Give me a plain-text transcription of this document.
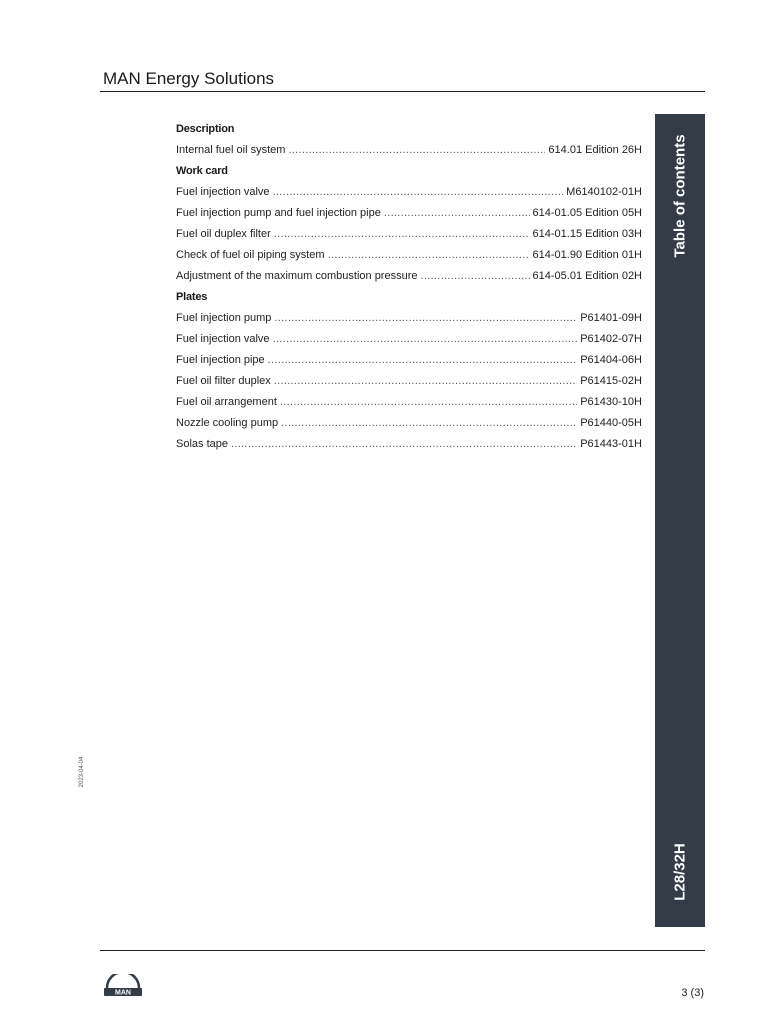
MAN Energy Solutions
Table of contents
L28/32H
Description
Internal fuel oil system .....	614.01 Edition 26H
Work card
Fuel injection valve .....	M6140102-01H
Fuel injection pump and fuel injection pipe .....	614-01.05 Edition 05H
Fuel oil duplex filter .....	614-01.15 Edition 03H
Check of fuel oil piping system .....	614-01.90 Edition 01H
Adjustment of the maximum combustion pressure .....	614-05.01 Edition 02H
Plates
Fuel injection pump .....	P61401-09H
Fuel injection valve .....	P61402-07H
Fuel injection pipe .....	P61404-06H
Fuel oil filter duplex .....	P61415-02H
Fuel oil arrangement .....	P61430-10H
Nozzle cooling pump .....	P61440-05H
Solas tape .....	P61443-01H
2023-04-04
MAN	3 (3)
